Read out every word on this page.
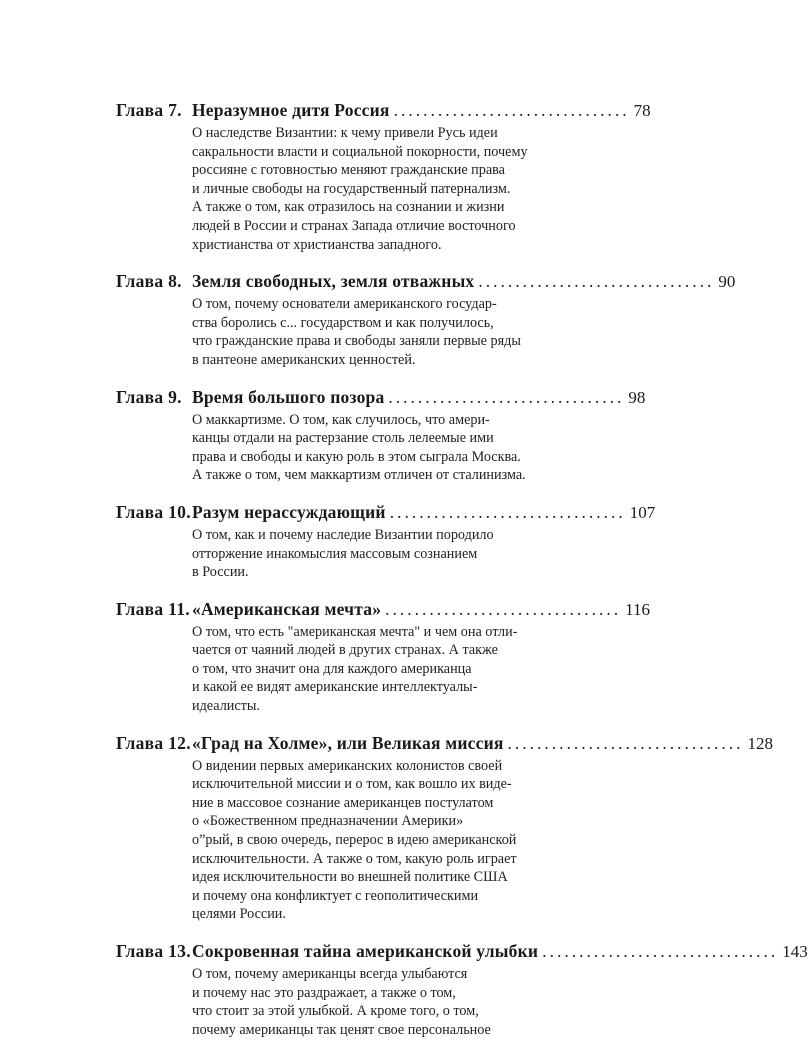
Глава 7. Неразумное дитя Россия ................................ 78
О наследстве Византии: к чему привели Русь идеи
сакральности власти и социальной покорности, почему
россияне с готовностью меняют гражданские права
и личные свободы на государственный патернализм.
А также о том, как отразилось на сознании и жизни
людей в России и странах Запада отличие восточного
христианства от христианства западного.
Глава 8. Земля свободных, земля отважных ................................ 90
О том, почему основатели американского государ-
ства боролись с... государством и как получилось,
что гражданские права и свободы заняли первые ряды
в пантеоне американских ценностей.
Глава 9. Время большого позора ................................ 98
О маккартизме. О том, как случилось, что амери-
канцы отдали на растерзание столь лелеемые ими
права и свободы и какую роль в этом сыграла Москва.
А также о том, чем маккартизм отличен от сталинизма.
Глава 10. Разум нерассуждающий ................................ 107
О том, как и почему наследие Византии породило
отторжение инакомыслия массовым сознанием
в России.
Глава 11. «Американская мечта» ................................ 116
О том, что есть "американская мечта" и чем она отли-
чается от чаяний людей в других странах. А также
о том, что значит она для каждого американца
и какой ее видят американские интеллектуалы-
идеалисты.
Глава 12. «Град на Холме», или Великая миссия ................................ 128
О видении первых американских колонистов своей
исключительной миссии и о том, как вошло их виде-
ние в массовое сознание американцев постулатом
о «Божественном предназначении Америки»
о”рый, в свою очередь, перерос в идею американской
исключительности. А также о том, какую роль играет
идея исключительности во внешней политике США
и почему она конфликтует с геополитическими
целями России.
Глава 13. Сокровенная тайна американской улыбки ................................ 143
О том, почему американцы всегда улыбаются
и почему нас это раздражает, а также о том,
что стоит за этой улыбкой. А кроме того, о том,
почему американцы так ценят свое персональное
